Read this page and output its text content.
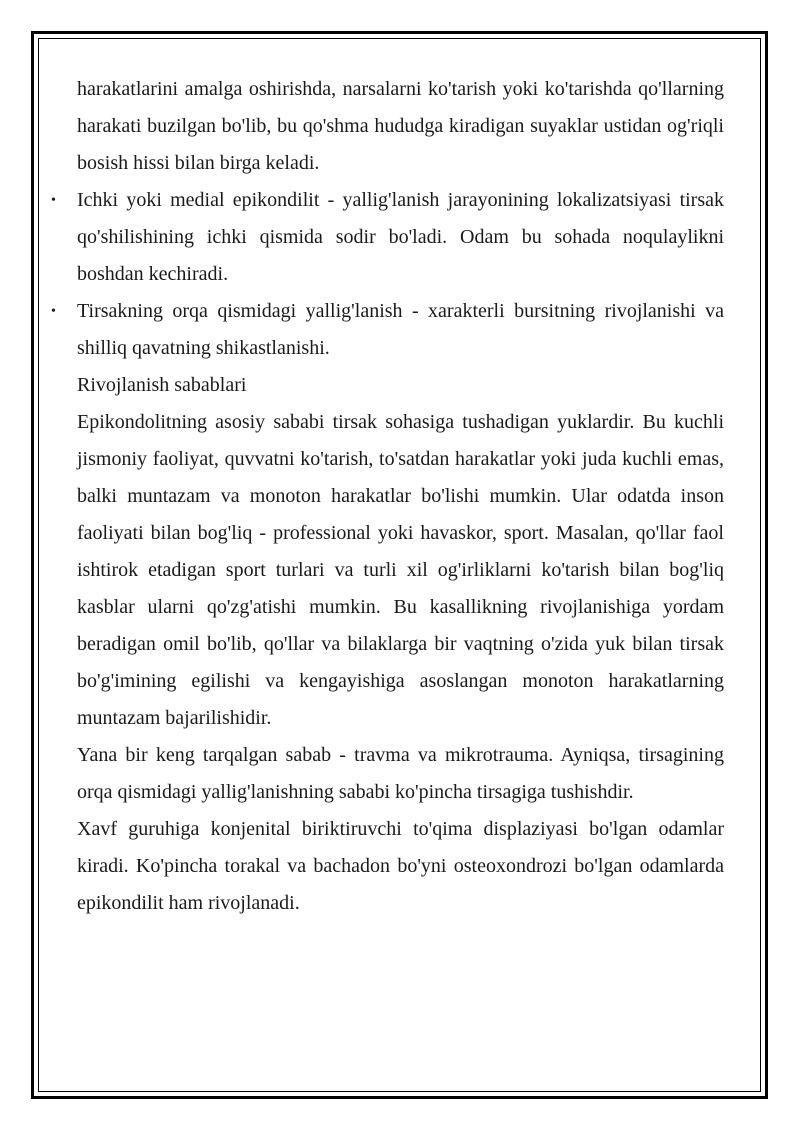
harakatlarini amalga oshirishda, narsalarni ko'tarish yoki ko'tarishda qo'llarning harakati buzilgan bo'lib, bu qo'shma hududga kiradigan suyaklar ustidan og'riqli bosish hissi bilan birga keladi.

• Ichki yoki medial epikondilit - yallig'lanish jarayonining lokalizatsiyasi tirsak qo'shilishining ichki qismida sodir bo'ladi. Odam bu sohada noqulaylikni boshdan kechiradi.
• Tirsakning orqa qismidagi yallig'lanish - xarakterli bursitning rivojlanishi va shilliq qavatning shikastlanishi.

Rivojlanish sabablari

Epikondolitning asosiy sababi tirsak sohasiga tushadigan yuklardir. Bu kuchli jismoniy faoliyat, quvvatni ko'tarish, to'satdan harakatlar yoki juda kuchli emas, balki muntazam va monoton harakatlar bo'lishi mumkin. Ular odatda inson faoliyati bilan bog'liq - professional yoki havaskor, sport. Masalan, qo'llar faol ishtirok etadigan sport turlari va turli xil og'irliklarni ko'tarish bilan bog'liq kasblar ularni qo'zg'atishi mumkin. Bu kasallikning rivojlanishiga yordam beradigan omil bo'lib, qo'llar va bilaklarga bir vaqtning o'zida yuk bilan tirsak bo'g'imining egilishi va kengayishiga asoslangan monoton harakatlarning muntazam bajarilishidir.

Yana bir keng tarqalgan sabab - travma va mikrotrauma. Ayniqsa, tirsagining orqa qismidagi yallig'lanishning sababi ko'pincha tirsagiga tushishdir.

Xavf guruhiga konjenital biriktiruvchi to'qima displaziyasi bo'lgan odamlar kiradi. Ko'pincha torakal va bachadon bo'yni osteoxondrozi bo'lgan odamlarda epikondilit ham rivojlanadi.
